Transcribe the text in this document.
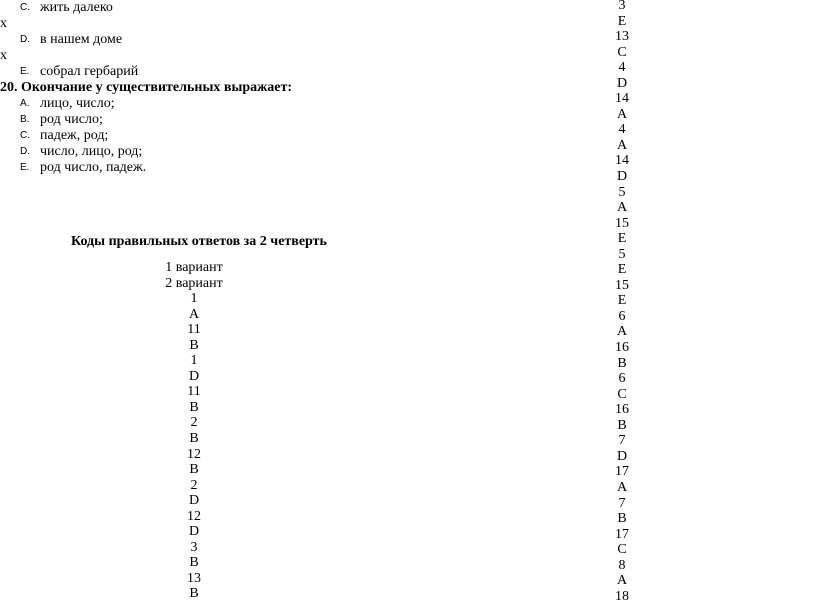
C. жить далеко
x
D. в нашем доме
x
E. собрал гербарий
20. Окончание у существительных выражает:
A. лицо, число;
B. род число;
C. падеж, род;
D. число, лицо, род;
E. род число, падеж.
Коды правильных ответов за 2 четверть
1 вариант
2 вариант
1
A
11
B
1
D
11
B
2
B
12
B
2
D
12
D
3
B
13
B
3
E
13
C
4
D
14
A
4
A
14
D
5
A
15
E
5
E
15
E
6
A
16
B
6
C
16
B
7
D
17
A
7
B
17
C
8
A
18
